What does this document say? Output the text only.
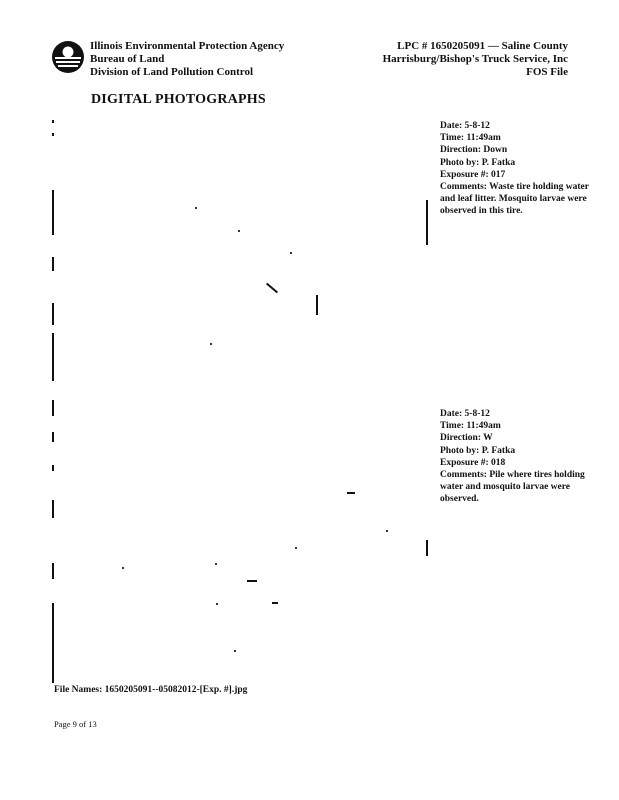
Illinois Environmental Protection Agency
Bureau of Land
Division of Land Pollution Control
LPC # 1650205091 — Saline County
Harrisburg/Bishop's Truck Service, Inc
FOS File
DIGITAL PHOTOGRAPHS
Date: 5-8-12
Time: 11:49am
Direction: Down
Photo by: P. Fatka
Exposure #: 017
Comments: Waste tire holding water and leaf litter. Mosquito larvae were observed in this tire.
Date: 5-8-12
Time: 11:49am
Direction: W
Photo by: P. Fatka
Exposure #: 018
Comments: Pile where tires holding water and mosquito larvae were observed.
File Names: 1650205091--05082012-[Exp. #].jpg
Page 9 of 13
